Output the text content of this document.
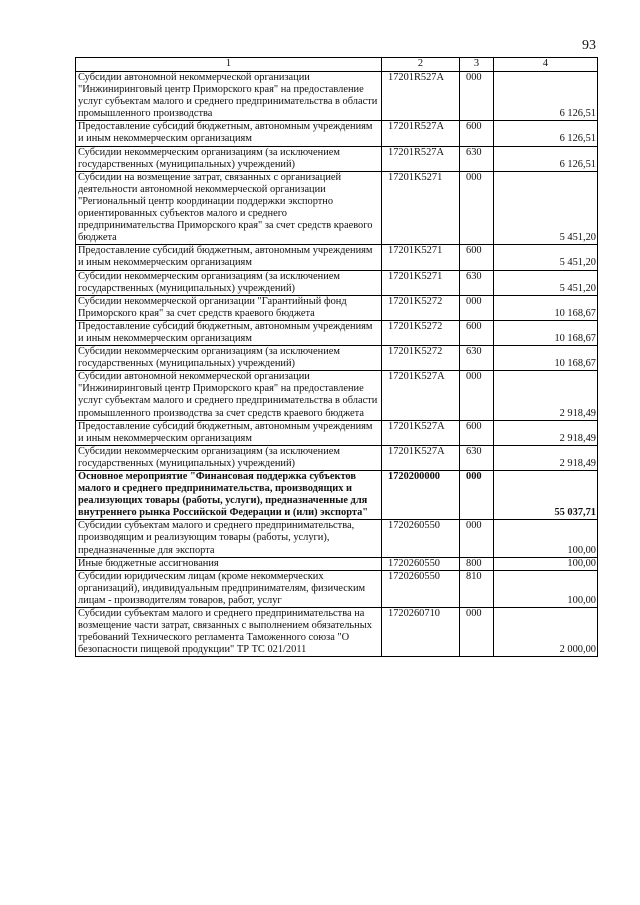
93
1	2	3	4
Субсидии автономной некоммерческой организации "Инжиниринговый центр Приморского края" на предоставление услуг субъектам малого и среднего предпринимательства в области промышленного производства	17201R527A	000	6 126,51
Предоставление субсидий бюджетным, автономным учреждениям и иным некоммерческим организациям	17201R527A	600	6 126,51
Субсидии некоммерческим организациям (за исключением государственных (муниципальных) учреждений)	17201R527A	630	6 126,51
Субсидии на возмещение затрат, связанных с организацией деятельности автономной некоммерческой организации "Региональный центр координации поддержки экспортно ориентированных субъектов малого и среднего предпринимательства Приморского края" за счет средств краевого бюджета	17201K5271	000	5 451,20
Предоставление субсидий бюджетным, автономным учреждениям и иным некоммерческим организациям	17201K5271	600	5 451,20
Субсидии некоммерческим организациям (за исключением государственных (муниципальных) учреждений)	17201K5271	630	5 451,20
Субсидии некоммерческой организации "Гарантийный фонд Приморского края" за счет средств краевого бюджета	17201K5272	000	10 168,67
Предоставление субсидий бюджетным, автономным учреждениям и иным некоммерческим организациям	17201K5272	600	10 168,67
Субсидии некоммерческим организациям (за исключением государственных (муниципальных) учреждений)	17201K5272	630	10 168,67
Субсидии автономной некоммерческой организации "Инжиниринговый центр Приморского края" на предоставление услуг субъектам малого и среднего предпринимательства в области промышленного производства за счет средств краевого бюджета	17201K527A	000	2 918,49
Предоставление субсидий бюджетным, автономным учреждениям и иным некоммерческим организациям	17201K527A	600	2 918,49
Субсидии некоммерческим организациям (за исключением государственных (муниципальных) учреждений)	17201K527A	630	2 918,49
Основное мероприятие "Финансовая поддержка субъектов малого и среднего предпринимательства, производящих и реализующих товары (работы, услуги), предназначенные для внутреннего рынка Российской Федерации и (или) экспорта"	1720200000	000	55 037,71
Субсидии субъектам малого и среднего предпринимательства, производящим и реализующим товары (работы, услуги), предназначенные для экспорта	1720260550	000	100,00
Иные бюджетные ассигнования	1720260550	800	100,00
Субсидии юридическим лицам (кроме некоммерческих организаций), индивидуальным предпринимателям, физическим лицам - производителям товаров, работ, услуг	1720260550	810	100,00
Субсидии субъектам малого и среднего предпринимательства на возмещение части затрат, связанных с выполнением обязательных требований Технического регламента Таможенного союза "О безопасности пищевой продукции" ТР ТС 021/2011	1720260710	000	2 000,00
